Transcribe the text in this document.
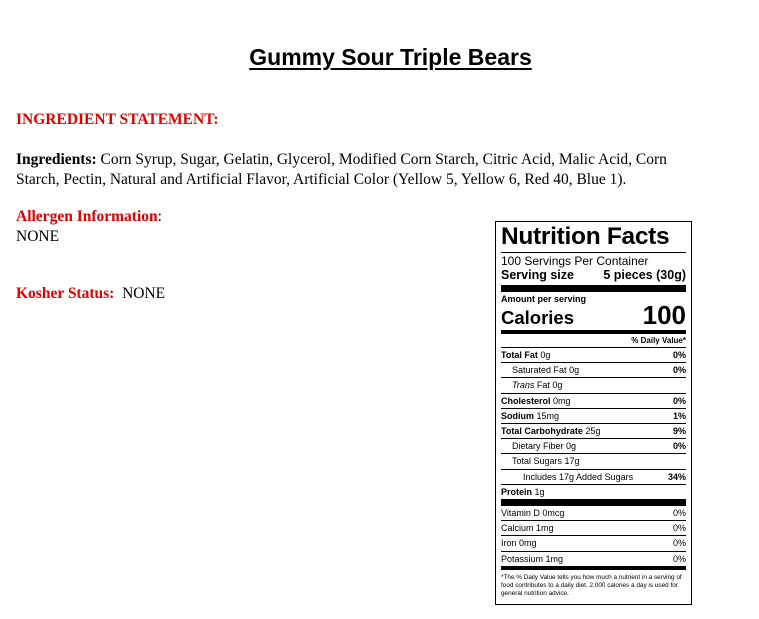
Gummy Sour Triple Bears
INGREDIENT STATEMENT:
Ingredients: Corn Syrup, Sugar, Gelatin, Glycerol, Modified Corn Starch, Citric Acid, Malic Acid, Corn
Starch, Pectin, Natural and Artificial Flavor, Artificial Color (Yellow 5, Yellow 6, Red 40, Blue 1).
Allergen Information:
NONE
Kosher Status: NONE
Nutrition Facts
100 Servings Per Container
Serving size 5 pieces (30g)
Amount per serving
Calories	100
% Daily Value*
Total Fat 0g	0%
Saturated Fat 0g	0%
Trans Fat 0g
Cholesterol 0mg	0%
Sodium 15mg	1%
Total Carbohydrate 25g	9%
Dietary Fiber 0g	0%
Total Sugars 17g
Includes 17g Added Sugars	34%
Protein 1g
Vitamin D 0mcg	0%
Calcium 1mg	0%
Iron 0mg	0%
Potassium 1mg	0%
*The % Daily Value tells you how much a nutrient in a serving of food contributes to a daily diet. 2,000 calories a day is used for general nutrition advice.
